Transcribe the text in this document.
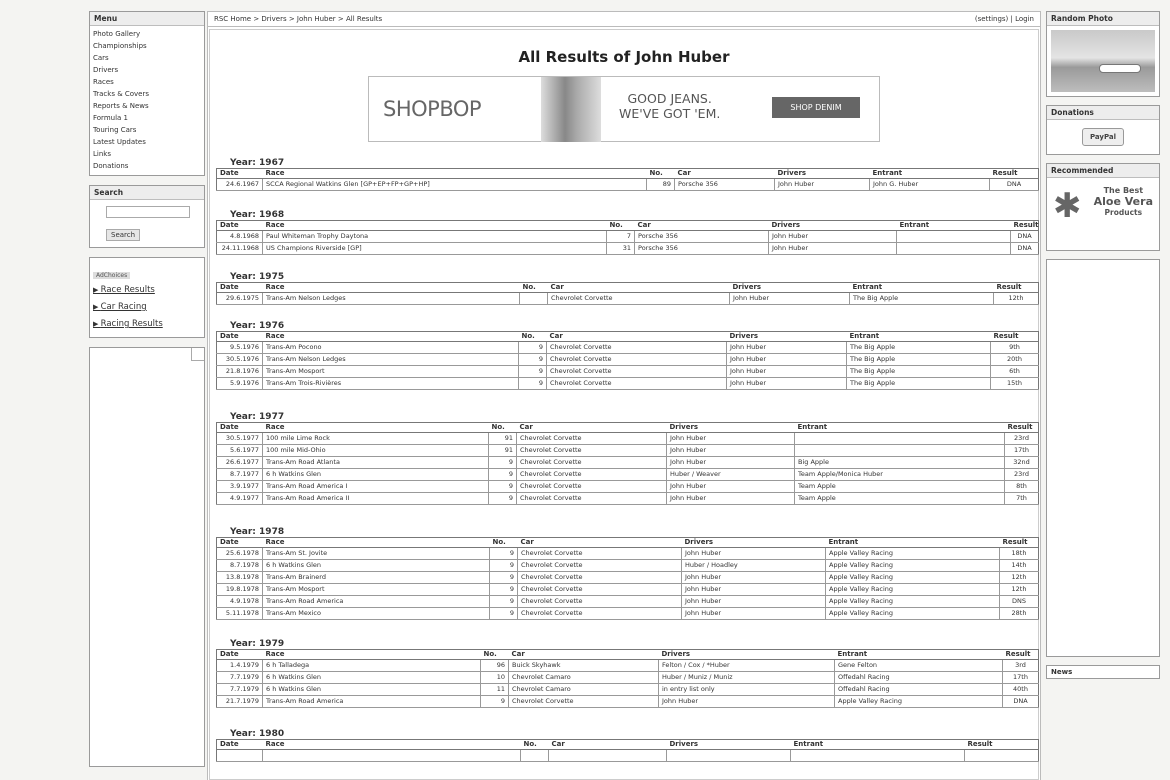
Menu
Photo Gallery
Championships
Cars
Drivers
Races
Tracks & Covers
Reports & News
Formula 1
Touring Cars
Latest Updates
Links
Donations
Search
Search
AdChoices
▶ Race Results
▶ Car Racing
▶ Racing Results
RSC Home > Drivers > John Huber > All Results	(settings) | Login
All Results of John Huber
SHOPBOP	GOOD JEANS.
WE'VE GOT 'EM.	SHOP DENIM
Year: 1967
Date	Race	No.	Car	Drivers	Entrant	Result
24.6.1967	SCCA Regional Watkins Glen [GP+EP+FP+GP+HP]	89	Porsche 356	John Huber	John G. Huber	DNA
Year: 1968
Date	Race	No.	Car	Drivers	Entrant	Result
4.8.1968	Paul Whiteman Trophy Daytona	7	Porsche 356	John Huber		DNA
24.11.1968	US Champions Riverside [GP]	31	Porsche 356	John Huber		DNA
Year: 1975
Date	Race	No.	Car	Drivers	Entrant	Result
29.6.1975	Trans-Am Nelson Ledges		Chevrolet Corvette	John Huber	The Big Apple	12th
Year: 1976
Date	Race	No.	Car	Drivers	Entrant	Result
9.5.1976	Trans-Am Pocono	9	Chevrolet Corvette	John Huber	The Big Apple	9th
30.5.1976	Trans-Am Nelson Ledges	9	Chevrolet Corvette	John Huber	The Big Apple	20th
21.8.1976	Trans-Am Mosport	9	Chevrolet Corvette	John Huber	The Big Apple	6th
5.9.1976	Trans-Am Trois-Rivières	9	Chevrolet Corvette	John Huber	The Big Apple	15th
Year: 1977
Date	Race	No.	Car	Drivers	Entrant	Result
30.5.1977	100 mile Lime Rock	91	Chevrolet Corvette	John Huber		23rd
5.6.1977	100 mile Mid-Ohio	91	Chevrolet Corvette	John Huber		17th
26.6.1977	Trans-Am Road Atlanta	9	Chevrolet Corvette	John Huber	Big Apple	32nd
8.7.1977	6 h Watkins Glen	9	Chevrolet Corvette	Huber / Weaver	Team Apple/Monica Huber	23rd
3.9.1977	Trans-Am Road America I	9	Chevrolet Corvette	John Huber	Team Apple	8th
4.9.1977	Trans-Am Road America II	9	Chevrolet Corvette	John Huber	Team Apple	7th
Year: 1978
Date	Race	No.	Car	Drivers	Entrant	Result
25.6.1978	Trans-Am St. Jovite	9	Chevrolet Corvette	John Huber	Apple Valley Racing	18th
8.7.1978	6 h Watkins Glen	9	Chevrolet Corvette	Huber / Hoadley	Apple Valley Racing	14th
13.8.1978	Trans-Am Brainerd	9	Chevrolet Corvette	John Huber	Apple Valley Racing	12th
19.8.1978	Trans-Am Mosport	9	Chevrolet Corvette	John Huber	Apple Valley Racing	12th
4.9.1978	Trans-Am Road America	9	Chevrolet Corvette	John Huber	Apple Valley Racing	DNS
5.11.1978	Trans-Am Mexico	9	Chevrolet Corvette	John Huber	Apple Valley Racing	28th
Year: 1979
Date	Race	No.	Car	Drivers	Entrant	Result
1.4.1979	6 h Talladega	96	Buick Skyhawk	Felton / Cox / *Huber	Gene Felton	3rd
7.7.1979	6 h Watkins Glen	10	Chevrolet Camaro	Huber / Muniz / Muniz	Offedahl Racing	17th
7.7.1979	6 h Watkins Glen	11	Chevrolet Camaro	in entry list only	Offedahl Racing	40th
21.7.1979	Trans-Am Road America	9	Chevrolet Corvette	John Huber	Apple Valley Racing	DNA
Year: 1980
Date	Race	No.	Car	Drivers	Entrant	Result

Random Photo
Donations
PayPal
Recommended
✱	The Best
Aloe Vera
Products
News
